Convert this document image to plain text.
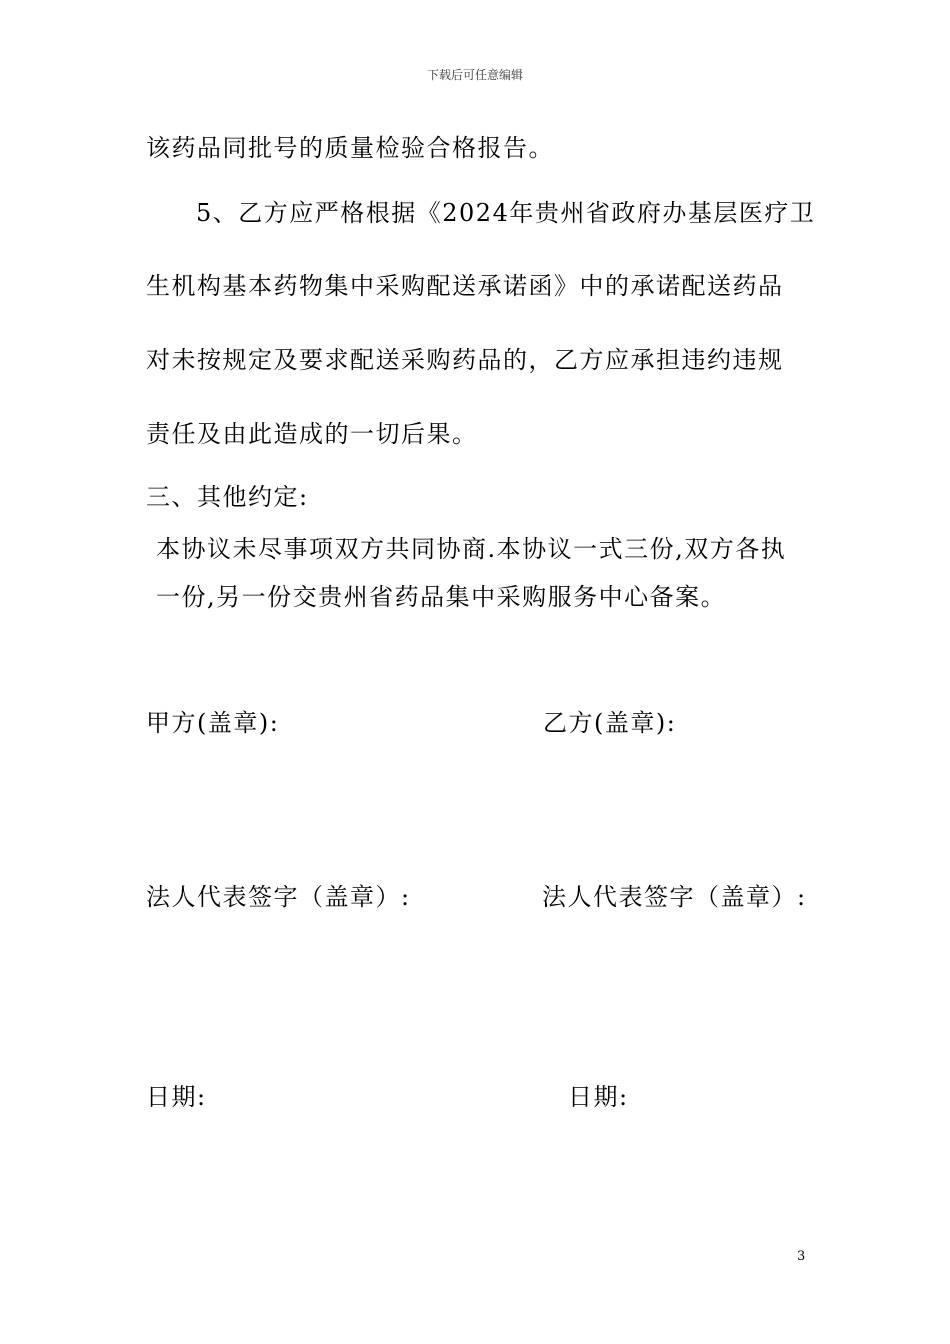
下载后可任意编辑
该药品同批号的质量检验合格报告。
5、乙方应严格根据《2024年贵州省政府办基层医疗卫
生机构基本药物集中采购配送承诺函》中的承诺配送药品
对未按规定及要求配送采购药品的，乙方应承担违约违规
责任及由此造成的一切后果。
三、其他约定:
本协议未尽事项双方共同协商.本协议一式三份,双方各执
一份,另一份交贵州省药品集中采购服务中心备案。
甲方(盖章):	乙方(盖章):
法人代表签字（盖章）:	法人代表签字（盖章）:
日期:	日期:
3
